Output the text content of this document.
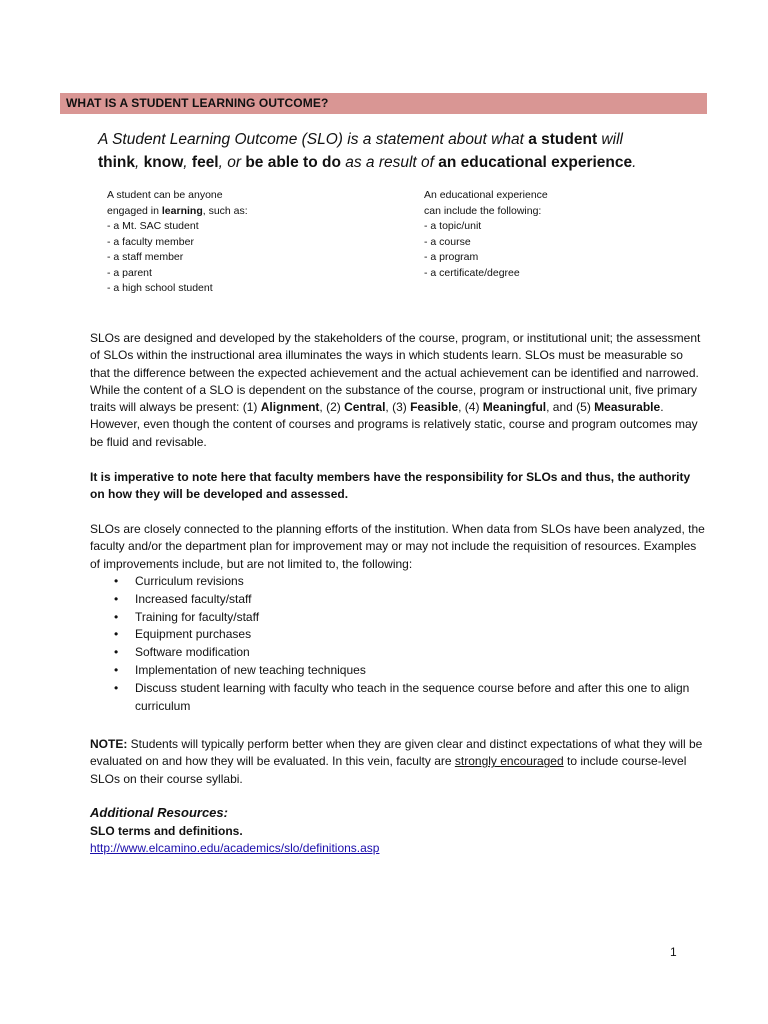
WHAT IS A STUDENT LEARNING OUTCOME?
A Student Learning Outcome (SLO) is a statement about what a student will
think, know, feel, or be able to do as a result of an educational experience.
A student can be anyone
engaged in learning, such as:
- a Mt. SAC student
- a faculty member
- a staff member
- a parent
- a high school student
An educational experience
can include the following:
- a topic/unit
- a course
- a program
- a certificate/degree
SLOs are designed and developed by the stakeholders of the course, program, or institutional unit; the assessment of SLOs within the instructional area illuminates the ways in which students learn. SLOs must be measurable so that the difference between the expected achievement and the actual achievement can be identified and narrowed. While the content of a SLO is dependent on the substance of the course, program or instructional unit, five primary traits will always be present: (1) Alignment, (2) Central, (3) Feasible, (4) Meaningful, and (5) Measurable. However, even though the content of courses and programs is relatively static, course and program outcomes may be fluid and revisable.
It is imperative to note here that faculty members have the responsibility for SLOs and thus, the authority on how they will be developed and assessed.
SLOs are closely connected to the planning efforts of the institution. When data from SLOs have been analyzed, the faculty and/or the department plan for improvement may or may not include the requisition of resources. Examples of improvements include, but are not limited to, the following:
• Curriculum revisions
• Increased faculty/staff
• Training for faculty/staff
• Equipment purchases
• Software modification
• Implementation of new teaching techniques
• Discuss student learning with faculty who teach in the sequence course before and after this one to align curriculum
NOTE: Students will typically perform better when they are given clear and distinct expectations of what they will be evaluated on and how they will be evaluated. In this vein, faculty are strongly encouraged to include course-level SLOs on their course syllabi.
Additional Resources:
SLO terms and definitions.
http://www.elcamino.edu/academics/slo/definitions.asp
1
